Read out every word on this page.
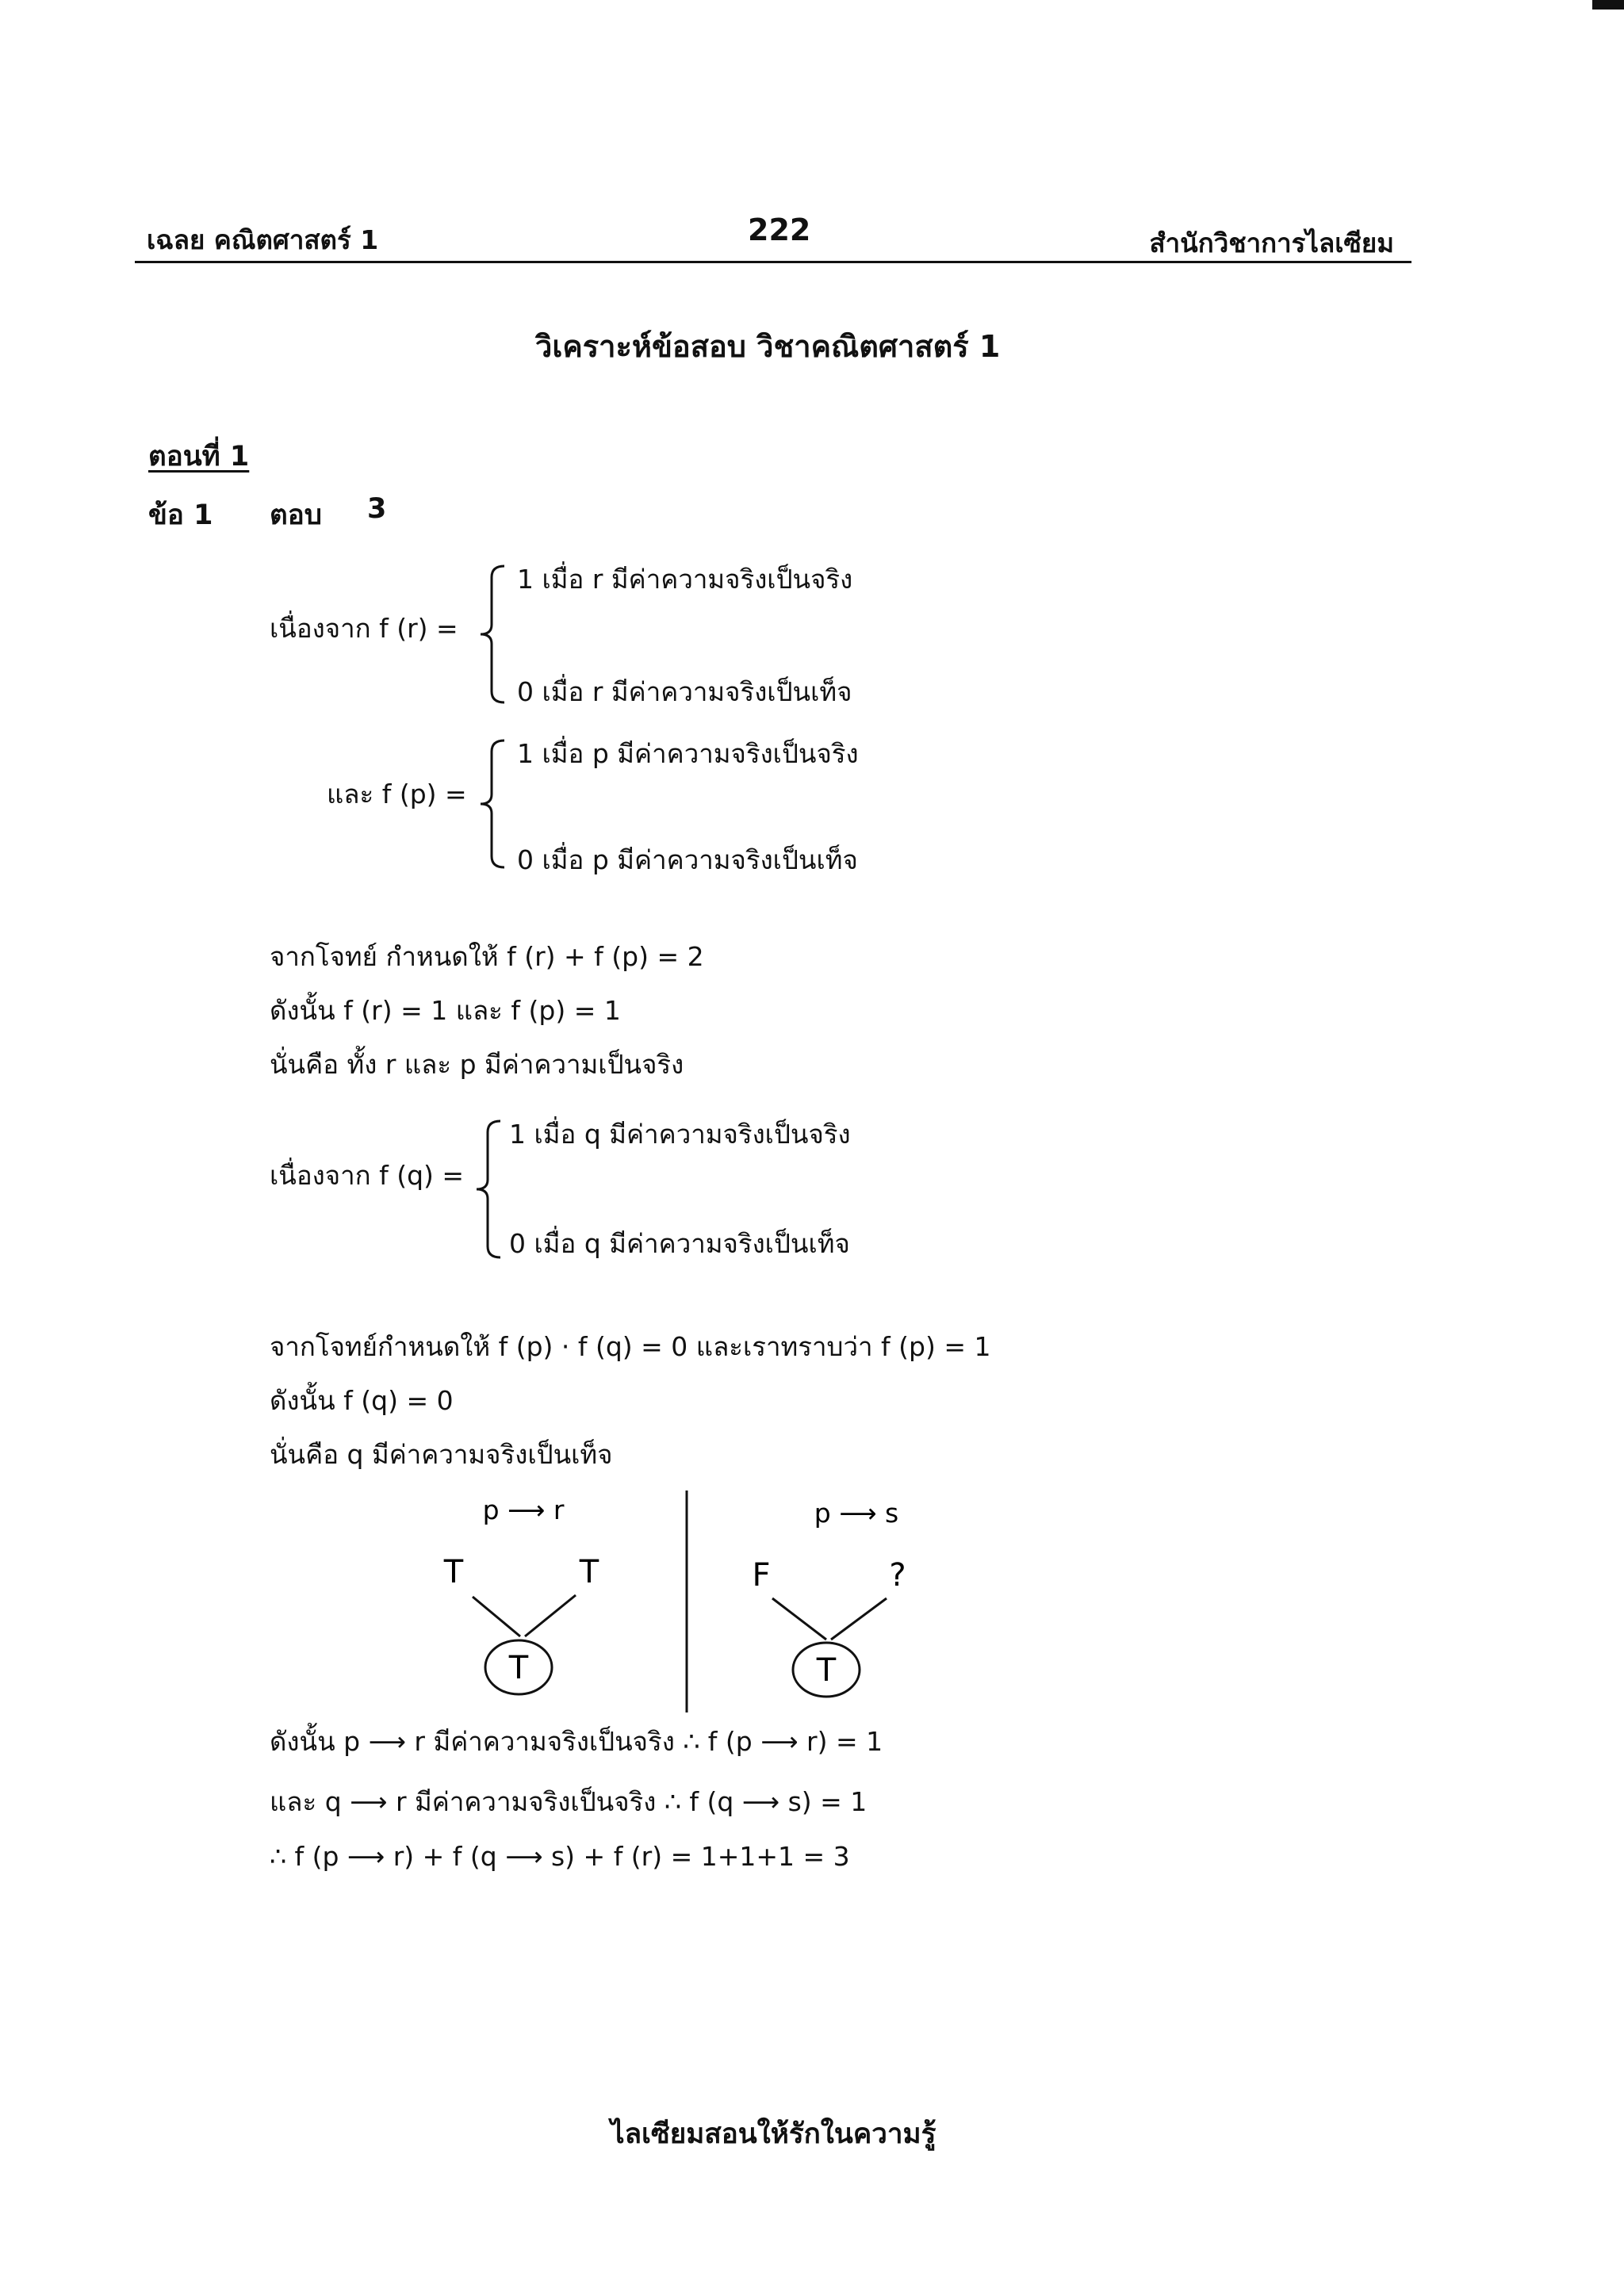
เฉลย คณิตศาสตร์ 1	222	สำนักวิชาการไลเซียม
วิเคราะห์ข้อสอบ วิชาคณิตศาสตร์ 1
ตอนที่ 1
ข้อ 1 ตอบ 3
เนื่องจาก f (r) =
1 เมื่อ r มีค่าความจริงเป็นจริง
0 เมื่อ r มีค่าความจริงเป็นเท็จ
และ f (p) =
1 เมื่อ p มีค่าความจริงเป็นจริง
0 เมื่อ p มีค่าความจริงเป็นเท็จ
จากโจทย์ กำหนดให้ f (r) + f (p) = 2
ดังนั้น f (r) = 1 และ f (p) = 1
นั่นคือ ทั้ง r และ p มีค่าความเป็นจริง
เนื่องจาก f (q) =
1 เมื่อ q มีค่าความจริงเป็นจริง
0 เมื่อ q มีค่าความจริงเป็นเท็จ
จากโจทย์กำหนดให้ f (p) · f (q) = 0 และเราทราบว่า f (p) = 1
ดังนั้น f (q) = 0
นั่นคือ q มีค่าความจริงเป็นเท็จ
p ⟶ r
T	T
T
p ⟶ s
F	?
T
ดังนั้น p ⟶ r มีค่าความจริงเป็นจริง ∴ f (p ⟶ r) = 1
และ q ⟶ r มีค่าความจริงเป็นจริง ∴ f (q ⟶ s) = 1
∴ f (p ⟶ r) + f (q ⟶ s) + f (r) = 1+1+1 = 3
ไลเซียมสอนให้รักในความรู้
